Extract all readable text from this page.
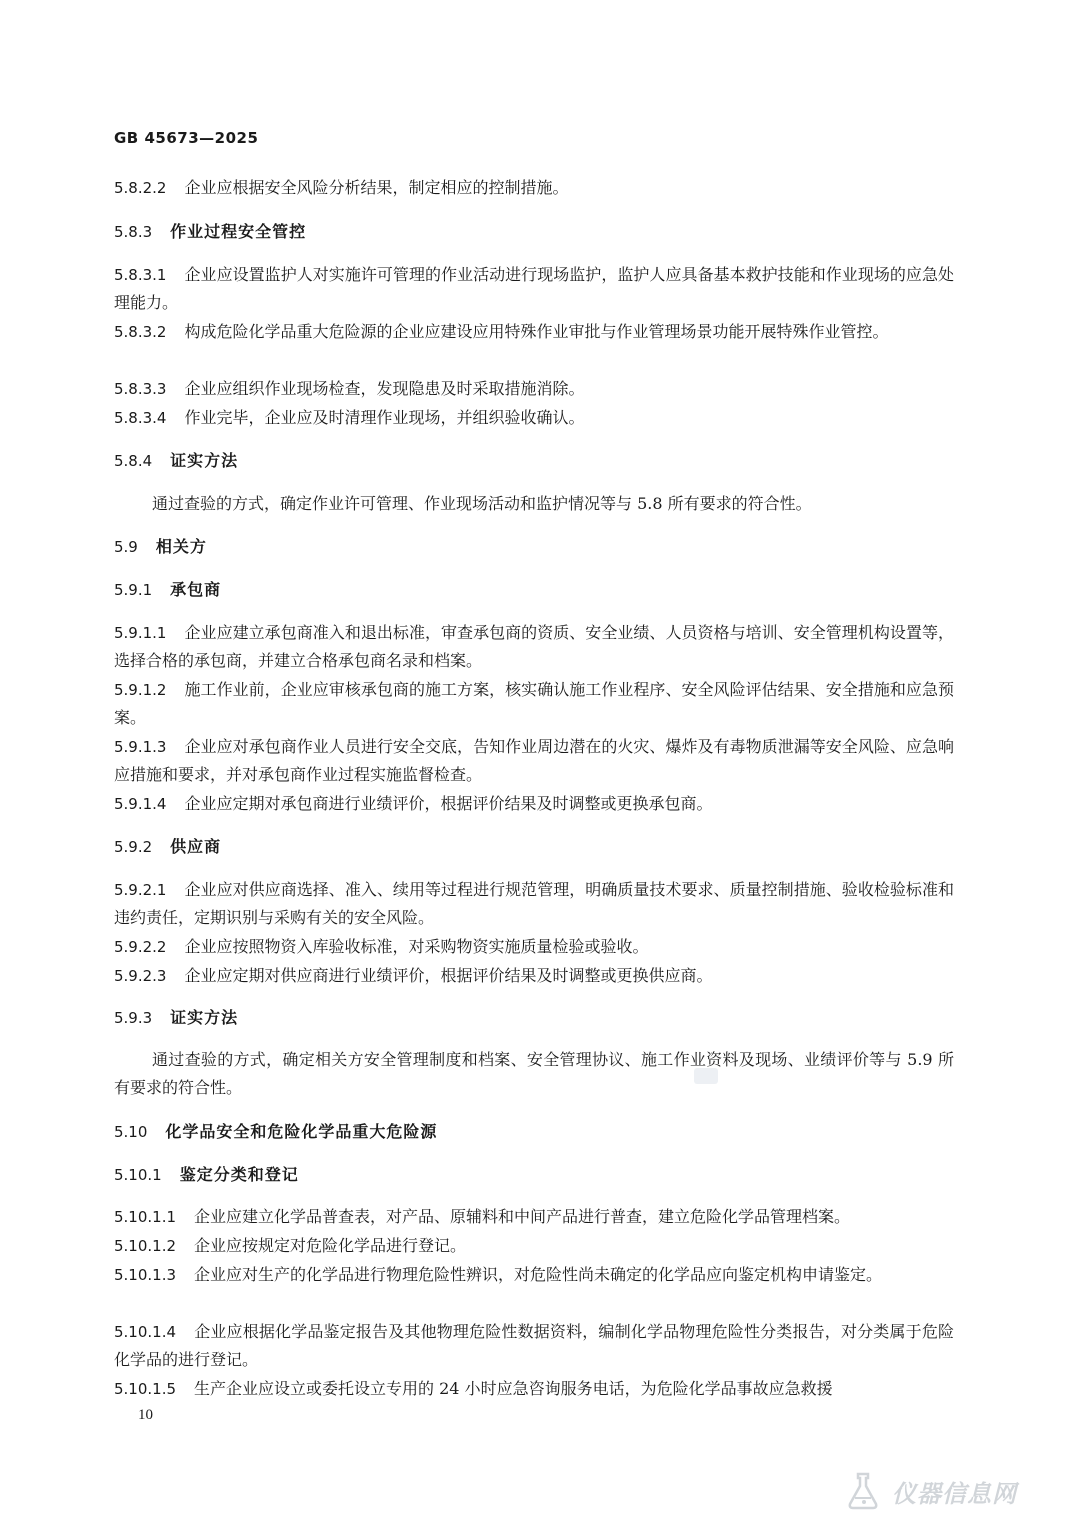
GB 45673—2025

5.8.2.2 企业应根据安全风险分析结果，制定相应的控制措施。

5.8.3 作业过程安全管控

5.8.3.1 企业应设置监护人对实施许可管理的作业活动进行现场监护，监护人应具备基本救护技能和作业现场的应急处理能力。

5.8.3.2 构成危险化学品重大危险源的企业应建设应用特殊作业审批与作业管理场景功能开展特殊作业管控。

5.8.3.3 企业应组织作业现场检查，发现隐患及时采取措施消除。

5.8.3.4 作业完毕，企业应及时清理作业现场，并组织验收确认。

5.8.4 证实方法

通过查验的方式，确定作业许可管理、作业现场活动和监护情况等与 5.8 所有要求的符合性。

5.9 相关方

5.9.1 承包商

5.9.1.1 企业应建立承包商准入和退出标准，审查承包商的资质、安全业绩、人员资格与培训、安全管理机构设置等，选择合格的承包商，并建立合格承包商名录和档案。

5.9.1.2 施工作业前，企业应审核承包商的施工方案，核实确认施工作业程序、安全风险评估结果、安全措施和应急预案。

5.9.1.3 企业应对承包商作业人员进行安全交底，告知作业周边潜在的火灾、爆炸及有毒物质泄漏等安全风险、应急响应措施和要求，并对承包商作业过程实施监督检查。

5.9.1.4 企业应定期对承包商进行业绩评价，根据评价结果及时调整或更换承包商。

5.9.2 供应商

5.9.2.1 企业应对供应商选择、准入、续用等过程进行规范管理，明确质量技术要求、质量控制措施、验收检验标准和违约责任，定期识别与采购有关的安全风险。

5.9.2.2 企业应按照物资入库验收标准，对采购物资实施质量检验或验收。

5.9.2.3 企业应定期对供应商进行业绩评价，根据评价结果及时调整或更换供应商。

5.9.3 证实方法

通过查验的方式，确定相关方安全管理制度和档案、安全管理协议、施工作业资料及现场、业绩评价等与 5.9 所有要求的符合性。

5.10 化学品安全和危险化学品重大危险源

5.10.1 鉴定分类和登记

5.10.1.1 企业应建立化学品普查表，对产品、原辅料和中间产品进行普查，建立危险化学品管理档案。

5.10.1.2 企业应按规定对危险化学品进行登记。

5.10.1.3 企业应对生产的化学品进行物理危险性辨识，对危险性尚未确定的化学品应向鉴定机构申请鉴定。

5.10.1.4 企业应根据化学品鉴定报告及其他物理危险性数据资料，编制化学品物理危险性分类报告，对分类属于危险化学品的进行登记。

5.10.1.5 生产企业应设立或委托设立专用的 24 小时应急咨询服务电话，为危险化学品事故应急救援

10
仪器信息网
